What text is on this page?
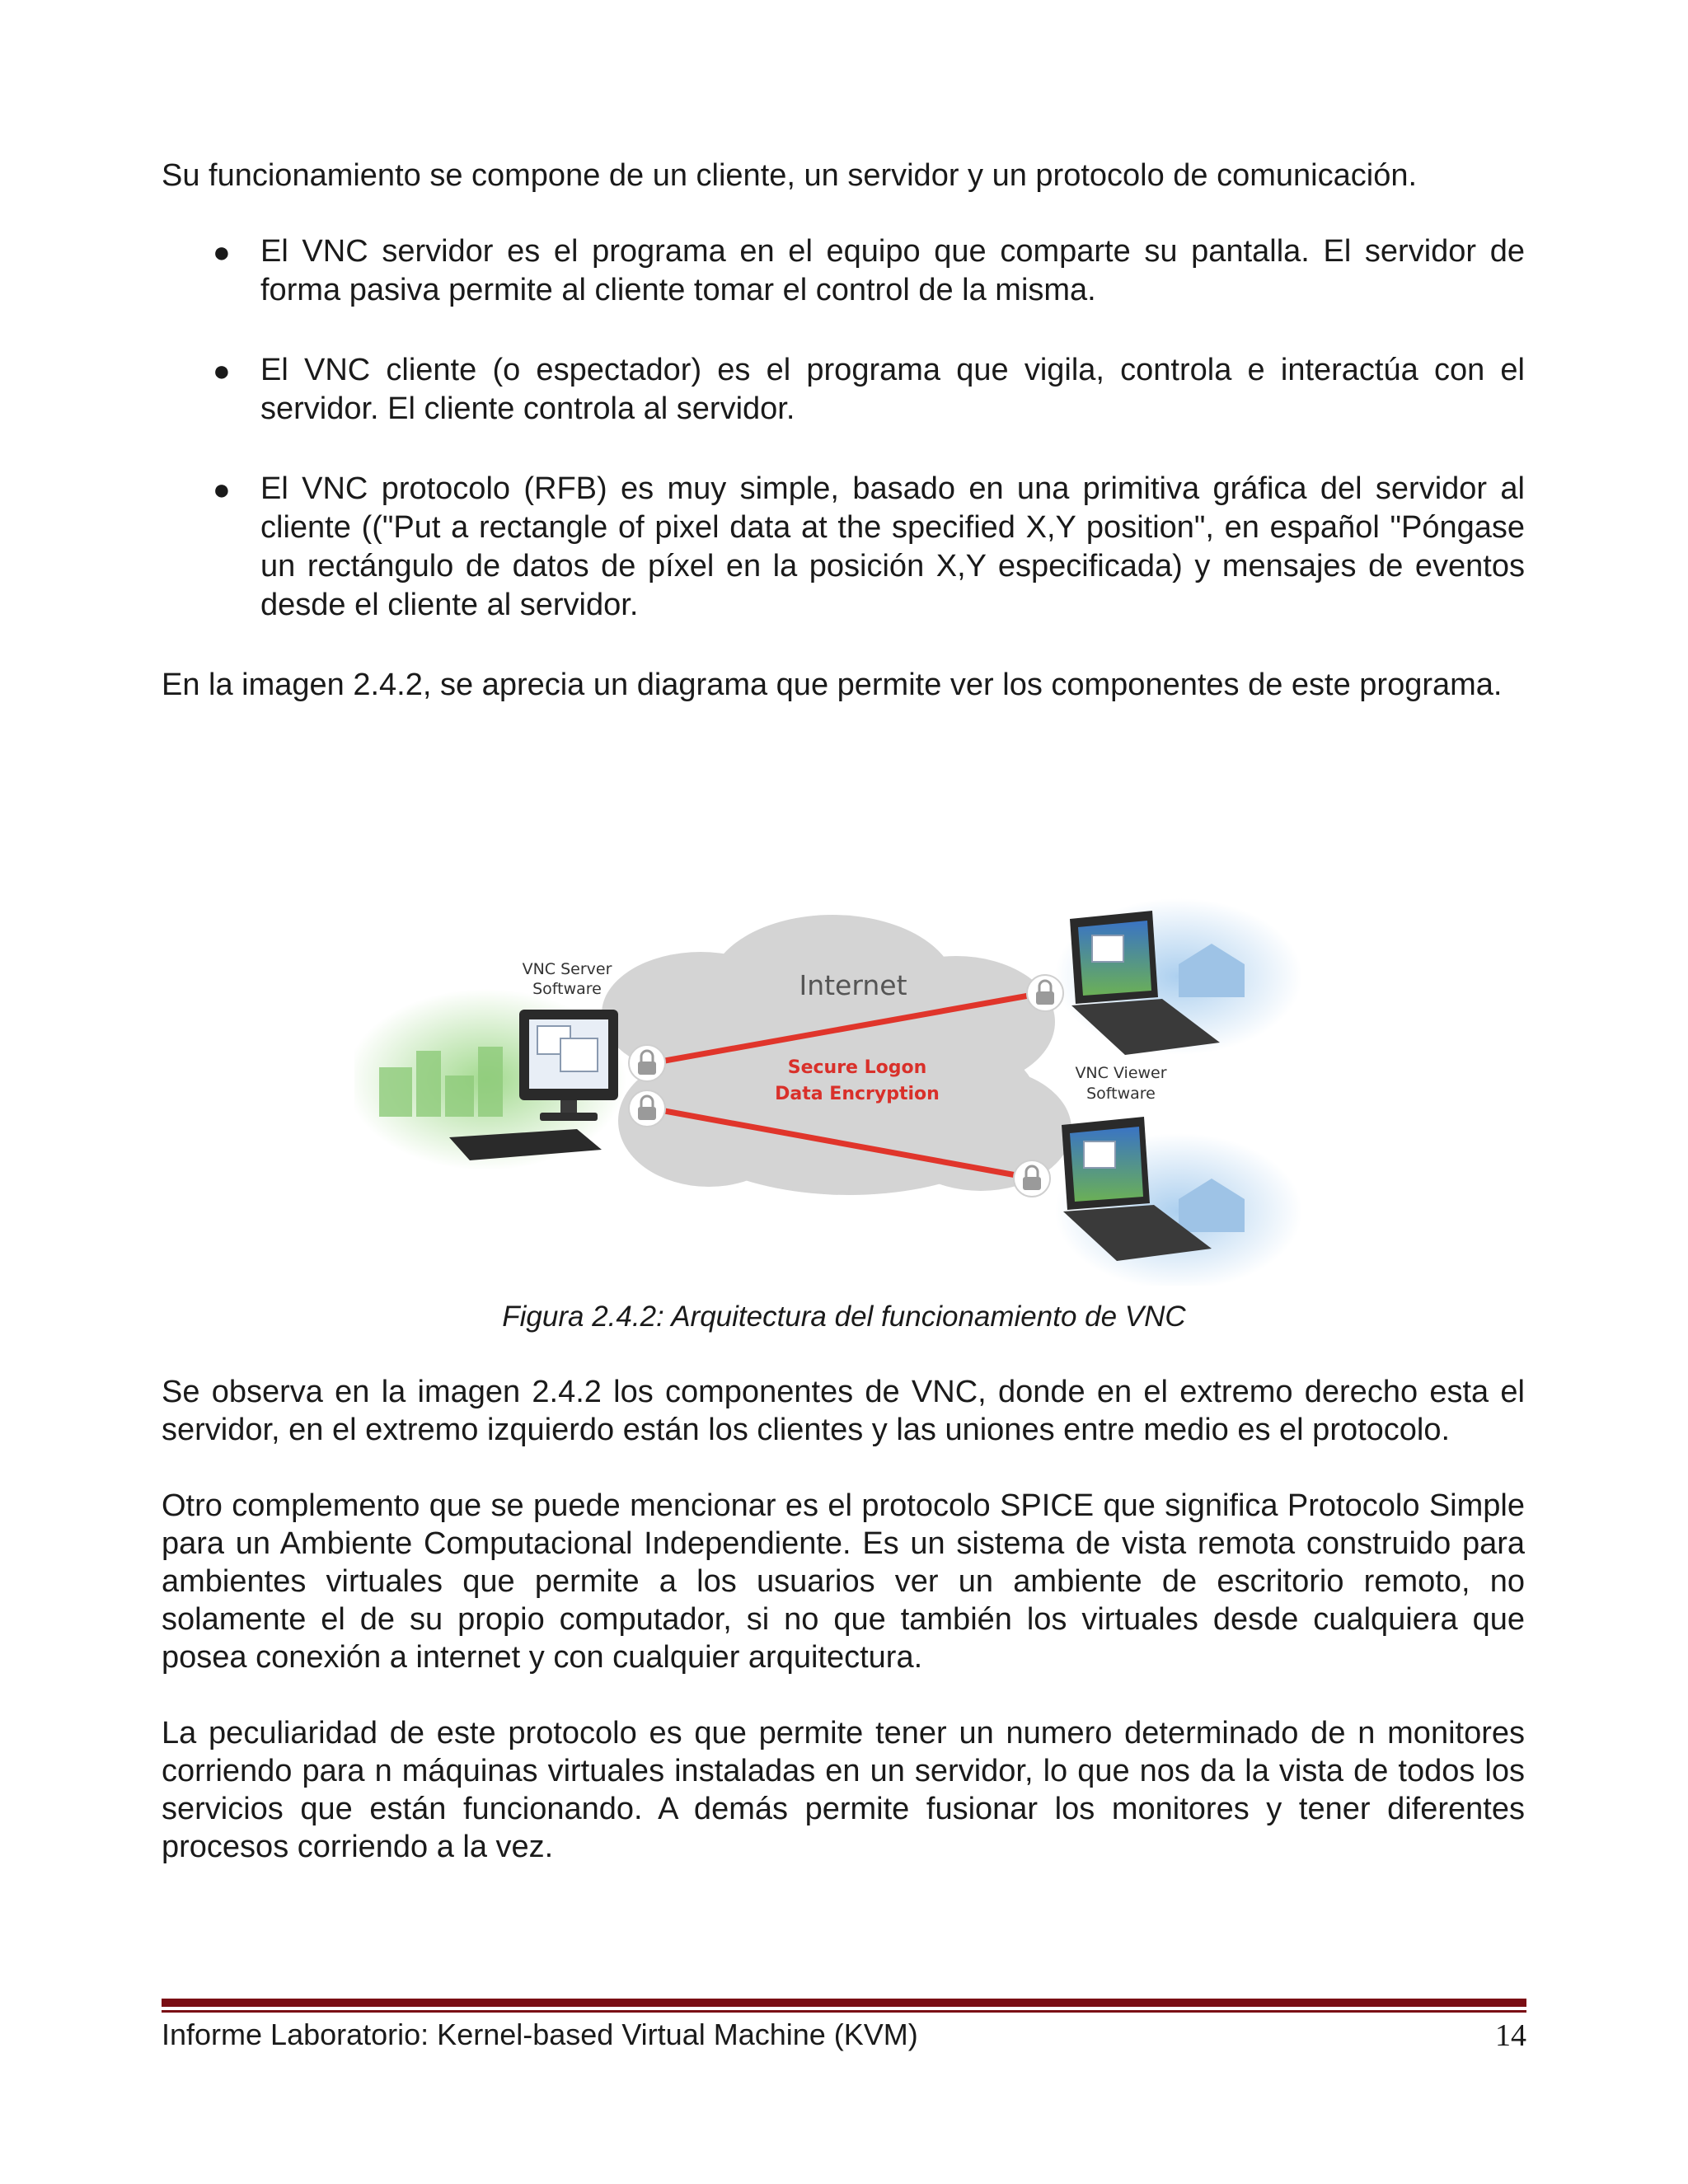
Su funcionamiento se compone de un cliente, un servidor y un protocolo de comunicación.

● El VNC servidor es el programa en el equipo que comparte su pantalla. El servidor de forma pasiva permite al cliente tomar el control de la misma.
● El VNC cliente (o espectador) es el programa que vigila, controla e interactúa con el servidor. El cliente controla al servidor.
● El VNC protocolo (RFB) es muy simple, basado en una primitiva gráfica del servidor al cliente (("Put a rectangle of pixel data at the specified X,Y position", en español "Póngase un rectángulo de datos de píxel en la posición X,Y especificada) y mensajes de eventos desde el cliente al servidor.

En la imagen 2.4.2, se aprecia un diagrama que permite ver los componentes de este programa.

VNC Server
Software	Internet
Secure Logon
Data Encryption
VNC Viewer
Software
Figura 2.4.2: Arquitectura del funcionamiento de VNC

Se observa en la imagen 2.4.2 los componentes de VNC, donde en el extremo derecho esta el servidor, en el extremo izquierdo están los clientes y las uniones entre medio es el protocolo.

Otro complemento que se puede mencionar es el protocolo SPICE que significa Protocolo Simple para un Ambiente Computacional Independiente. Es un sistema de vista remota construido para ambientes virtuales que permite a los usuarios ver un ambiente de escritorio remoto, no solamente el de su propio computador, si no que también los virtuales desde cualquiera que posea conexión a internet y con cualquier arquitectura.

La peculiaridad de este protocolo es que permite tener un numero determinado de n monitores corriendo para n máquinas virtuales instaladas en un servidor, lo que nos da la vista de todos los servicios que están funcionando. A demás permite fusionar los monitores y tener diferentes procesos corriendo a la vez.

Informe Laboratorio: Kernel-based Virtual Machine (KVM)	14
